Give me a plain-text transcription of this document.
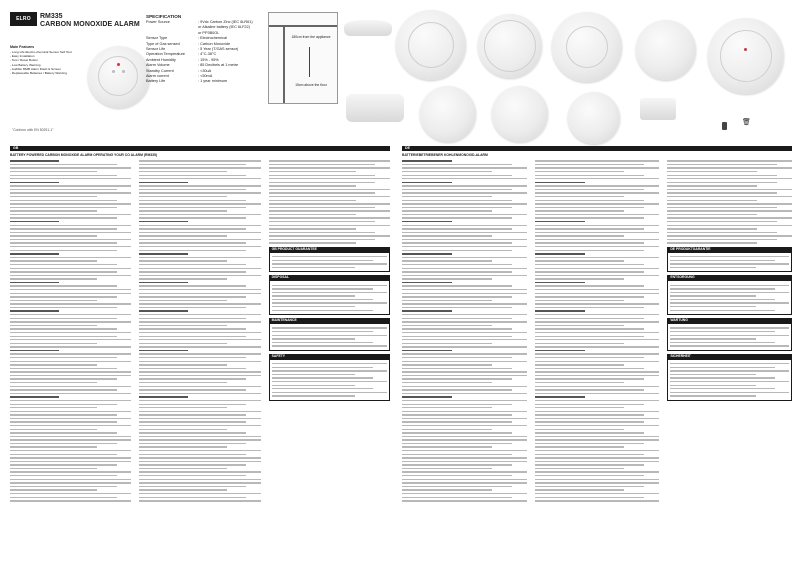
ELRO	RM335
CARBON MONOXIDE ALARM
Main Features
- Long Life Electro-chemical Sensor Self Test
- Easy Installation
- Test / Reset Button
- Low Battery Warning
- Audible 85dB Alarm Flash & Screen
- Replaceable Batteries / Battery Warning
"Conform with EN 50291-1"
SPECIFICATION
Power Source	: 9Vdc Carbon Zinc (IEC 6LR61)
or Alkaline battery (IEC 6LF22)
or PP3B0OL
Sensor Type	: Electrochemical
Type of Gas sensed	: Carbon Monoxide
Sensor Life	: 5 Year (T/GAS sensor)
Operation Temperature	: 4°C-38°C
Ambient Humidity	: 15% - 95%
Alarm Volume	: 85 Decibels at 1 metre
Standby Current	: <30uA
Alarm current	: <50mA
Battery Life	: 1 year minimum
180cm from the appliance
15cm above the floor
🗑
GB
BATTERY POWERED CARBON MONOXIDE ALARM OPERATING YOUR CO ALARM (RM335)
GB PRODUCT GUARANTEE
DISPOSAL
MAINTENANCE
SAFETY
DE
BATTERIEBETRIEBENER KOHLENMONOXID-ALARM
DE PRODUKTGARANTIE
ENTSORGUNG
WARTUNG
SICHERHEIT
